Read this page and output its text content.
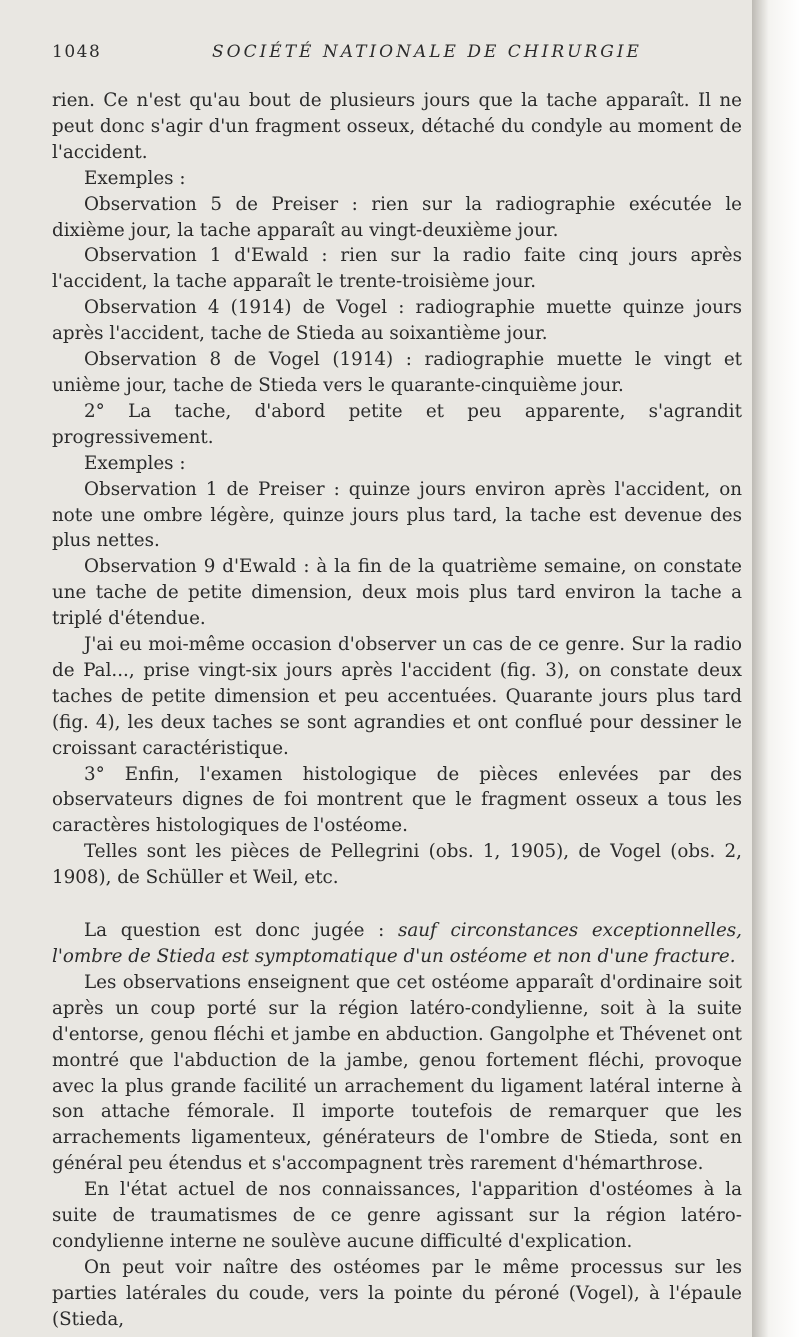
1048	SOCIÉTÉ NATIONALE DE CHIRURGIE

rien. Ce n'est qu'au bout de plusieurs jours que la tache apparaît. Il ne peut donc s'agir d'un fragment osseux, détaché du condyle au moment de l'accident.

Exemples :

Observation 5 de Preiser : rien sur la radiographie exécutée le dixième jour, la tache apparaît au vingt-deuxième jour.

Observation 1 d'Ewald : rien sur la radio faite cinq jours après l'accident, la tache apparaît le trente-troisième jour.

Observation 4 (1914) de Vogel : radiographie muette quinze jours après l'accident, tache de Stieda au soixantième jour.

Observation 8 de Vogel (1914) : radiographie muette le vingt et unième jour, tache de Stieda vers le quarante-cinquième jour.

2° La tache, d'abord petite et peu apparente, s'agrandit progressivement.

Exemples :

Observation 1 de Preiser : quinze jours environ après l'accident, on note une ombre légère, quinze jours plus tard, la tache est devenue des plus nettes.

Observation 9 d'Ewald : à la fin de la quatrième semaine, on constate une tache de petite dimension, deux mois plus tard environ la tache a triplé d'étendue.

J'ai eu moi-même occasion d'observer un cas de ce genre. Sur la radio de Pal..., prise vingt-six jours après l'accident (fig. 3), on constate deux taches de petite dimension et peu accentuées. Quarante jours plus tard (fig. 4), les deux taches se sont agrandies et ont conflué pour dessiner le croissant caractéristique.

3° Enfin, l'examen histologique de pièces enlevées par des observateurs dignes de foi montrent que le fragment osseux a tous les caractères histologiques de l'ostéome.

Telles sont les pièces de Pellegrini (obs. 1, 1905), de Vogel (obs. 2, 1908), de Schüller et Weil, etc.

La question est donc jugée : sauf circonstances exceptionnelles, l'ombre de Stieda est symptomatique d'un ostéome et non d'une fracture.

Les observations enseignent que cet ostéome apparaît d'ordinaire soit après un coup porté sur la région latéro-condylienne, soit à la suite d'entorse, genou fléchi et jambe en abduction. Gangolphe et Thévenet ont montré que l'abduction de la jambe, genou fortement fléchi, provoque avec la plus grande facilité un arrachement du ligament latéral interne à son attache fémorale. Il importe toutefois de remarquer que les arrachements ligamenteux, générateurs de l'ombre de Stieda, sont en général peu étendus et s'accompagnent très rarement d'hémarthrose.

En l'état actuel de nos connaissances, l'apparition d'ostéomes à la suite de traumatismes de ce genre agissant sur la région latéro-condylienne interne ne soulève aucune difficulté d'explication.

On peut voir naître des ostéomes par le même processus sur les parties latérales du coude, vers la pointe du péroné (Vogel), à l'épaule (Stieda,
